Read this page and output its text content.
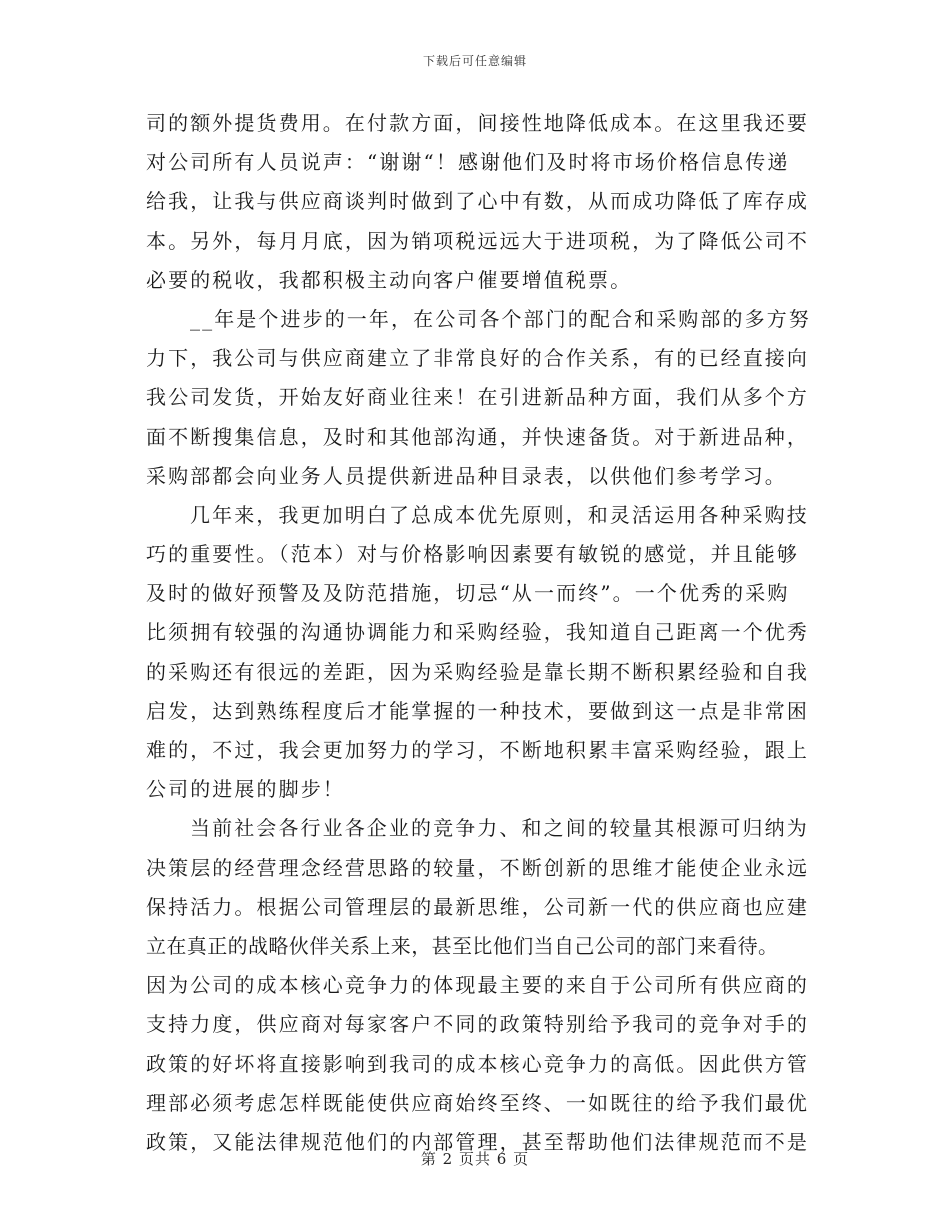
下载后可任意编辑
司的额外提货费用。在付款方面，间接性地降低成本。在这里我还要
对公司所有人员说声：“谢谢“！感谢他们及时将市场价格信息传递
给我，让我与供应商谈判时做到了心中有数，从而成功降低了库存成
本。另外，每月月底，因为销项税远远大于进项税，为了降低公司不
必要的税收，我都积极主动向客户催要增值税票。
__年是个进步的一年，在公司各个部门的配合和采购部的多方努
力下，我公司与供应商建立了非常良好的合作关系，有的已经直接向
我公司发货，开始友好商业往来！在引进新品种方面，我们从多个方
面不断搜集信息，及时和其他部沟通，并快速备货。对于新进品种，
采购部都会向业务人员提供新进品种目录表，以供他们参考学习。
几年来，我更加明白了总成本优先原则，和灵活运用各种采购技
巧的重要性。（范本）对与价格影响因素要有敏锐的感觉，并且能够
及时的做好预警及及防范措施，切忌“从一而终”。一个优秀的采购
比须拥有较强的沟通协调能力和采购经验，我知道自己距离一个优秀
的采购还有很远的差距，因为采购经验是靠长期不断积累经验和自我
启发，达到熟练程度后才能掌握的一种技术，要做到这一点是非常困
难的，不过，我会更加努力的学习，不断地积累丰富采购经验，跟上
公司的进展的脚步！
当前社会各行业各企业的竞争力、和之间的较量其根源可归纳为
决策层的经营理念经营思路的较量，不断创新的思维才能使企业永远
保持活力。根据公司管理层的最新思维，公司新一代的供应商也应建
立在真正的战略伙伴关系上来，甚至比他们当自己公司的部门来看待。
因为公司的成本核心竞争力的体现最主要的来自于公司所有供应商的
支持力度，供应商对每家客户不同的政策特别给予我司的竞争对手的
政策的好坏将直接影响到我司的成本核心竞争力的高低。因此供方管
理部必须考虑怎样既能使供应商始终至终、一如既往的给予我们最优
政策，又能法律规范他们的内部管理，甚至帮助他们法律规范而不是
第 2 页共 6 页
